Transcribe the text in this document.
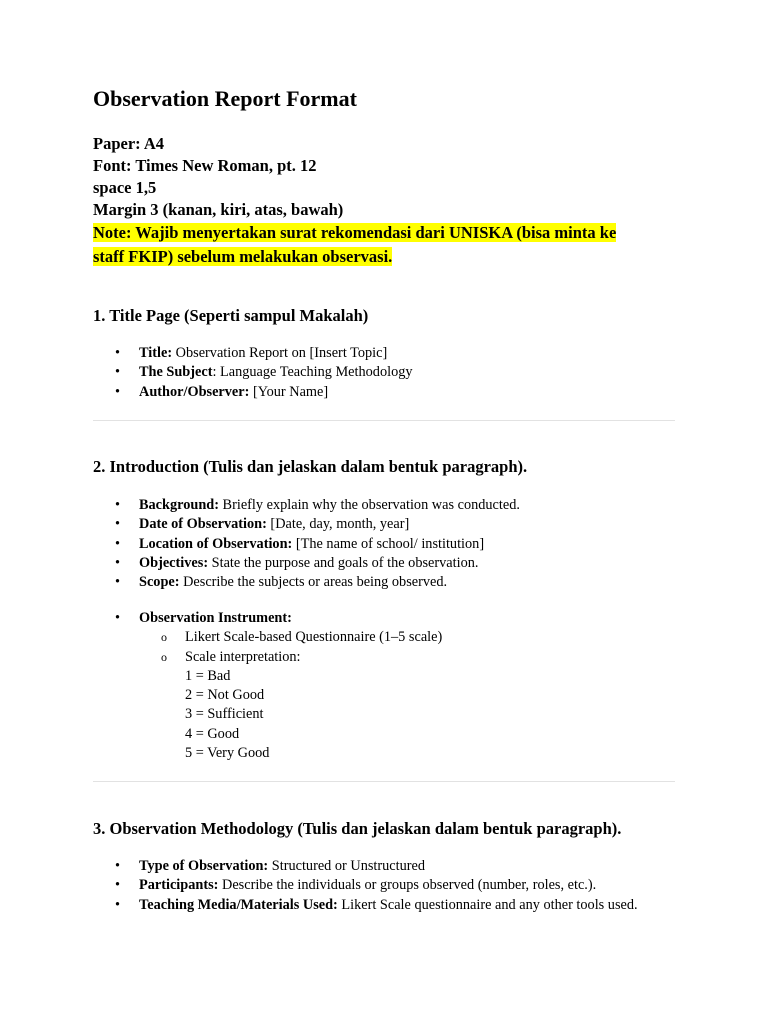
Observation Report Format
Paper: A4
Font: Times New Roman, pt. 12
space 1,5
Margin 3 (kanan, kiri, atas, bawah)
Note: Wajib menyertakan surat rekomendasi dari UNISKA (bisa minta ke
staff FKIP) sebelum melakukan observasi.
1. Title Page (Seperti sampul Makalah)
• Title: Observation Report on [Insert Topic]
• The Subject: Language Teaching Methodology
• Author/Observer: [Your Name]
2. Introduction (Tulis dan jelaskan dalam bentuk paragraph).
• Background: Briefly explain why the observation was conducted.
• Date of Observation: [Date, day, month, year]
• Location of Observation: [The name of school/ institution]
• Objectives: State the purpose and goals of the observation.
• Scope: Describe the subjects or areas being observed.
• Observation Instrument:
o Likert Scale-based Questionnaire (1–5 scale)
o Scale interpretation:
1 = Bad
2 = Not Good
3 = Sufficient
4 = Good
5 = Very Good
3. Observation Methodology (Tulis dan jelaskan dalam bentuk paragraph).
• Type of Observation: Structured or Unstructured
• Participants: Describe the individuals or groups observed (number, roles, etc.).
• Teaching Media/Materials Used: Likert Scale questionnaire and any other tools used.
